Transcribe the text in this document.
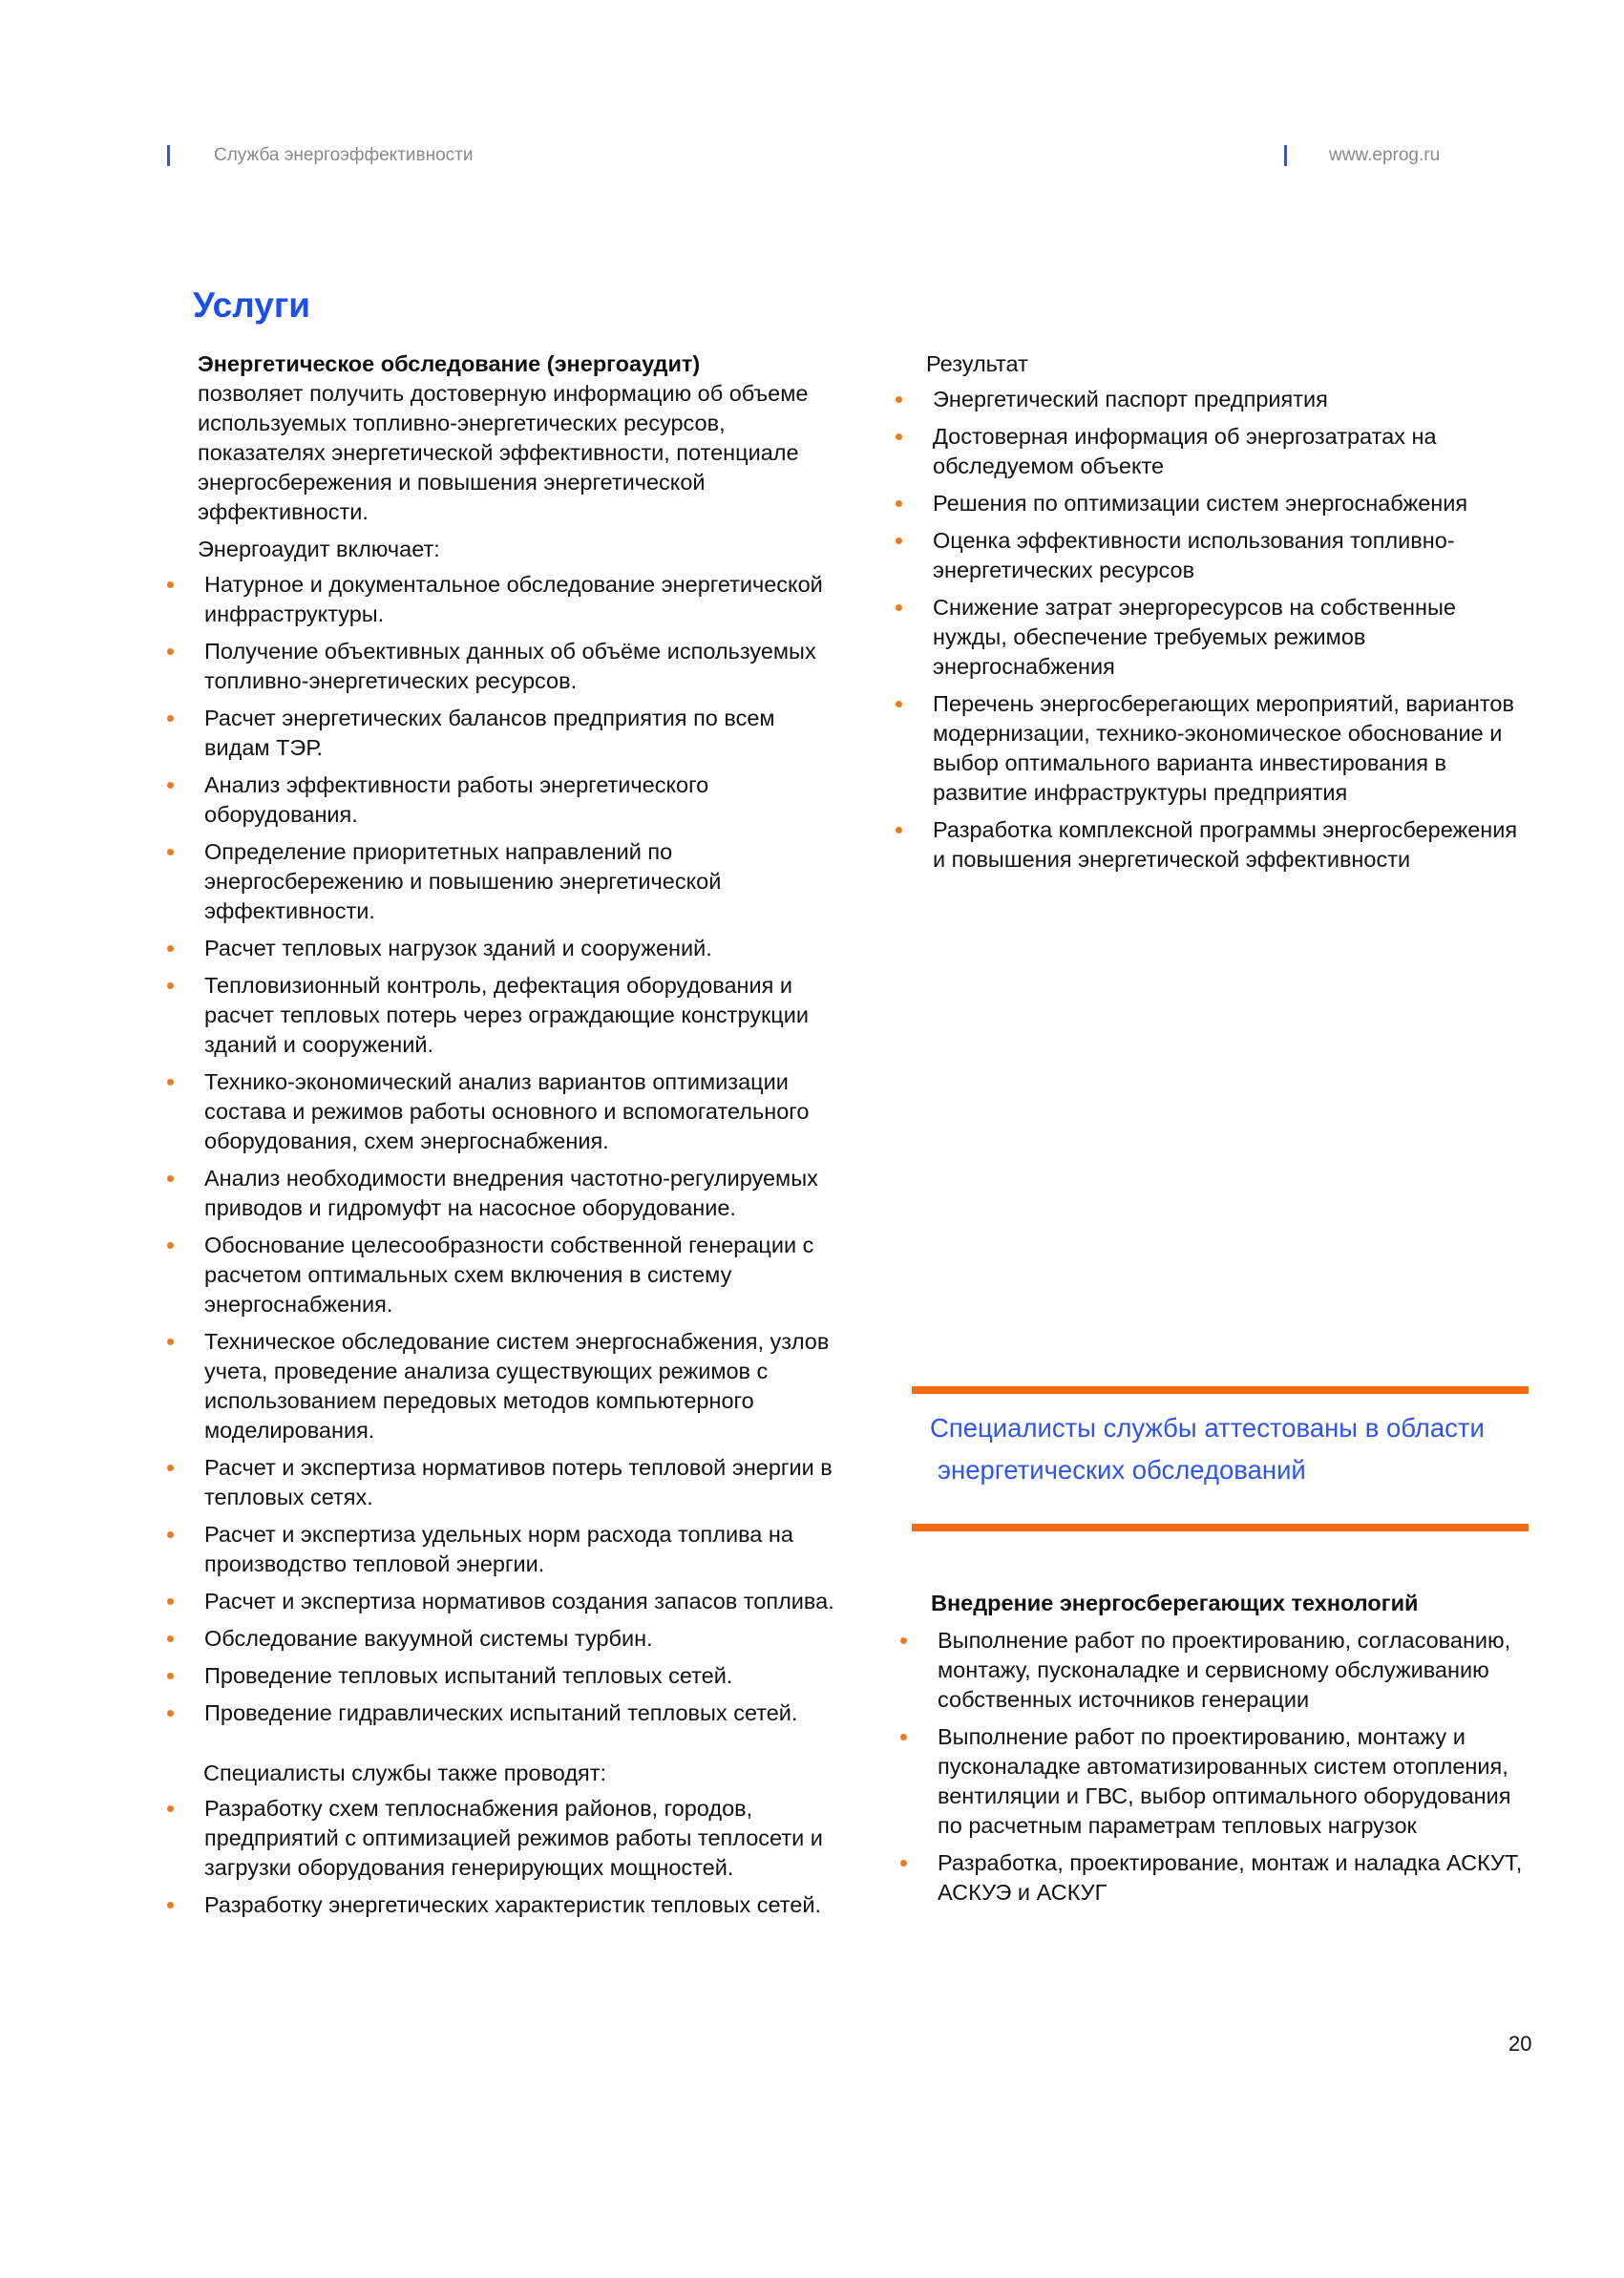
Служба энергоэффективности	www.eprog.ru
Услуги

Энергетическое обследование (энергоаудит)
позволяет получить достоверную информацию об объеме используемых топливно-энергетических ресурсов, показателях энергетической эффективности, потенциале энергосбережения и повышения энергетической эффективности.

Энергоаудит включает:

Натурное и документальное обследование энергетической инфраструктуры.
Получение объективных данных об объёме используемых топливно-энергетических ресурсов.
Расчет энергетических балансов предприятия по всем видам ТЭР.
Анализ эффективности работы энергетического оборудования.
Определение приоритетных направлений по энергосбережению и повышению энергетической эффективности.
Расчет тепловых нагрузок зданий и сооружений.
Тепловизионный контроль, дефектация оборудования и расчет тепловых потерь через ограждающие конструкции зданий и сооружений.
Технико-экономический анализ вариантов оптимизации состава и режимов работы основного и вспомогательного оборудования, схем энергоснабжения.
Анализ необходимости внедрения частотно-регулируемых приводов и гидромуфт на насосное оборудование.
Обоснование целесообразности собственной генерации с расчетом оптимальных схем включения в систему энергоснабжения.
Техническое обследование систем энергоснабжения, узлов учета, проведение анализа существующих режимов с использованием передовых методов компьютерного моделирования.
Расчет и экспертиза нормативов потерь тепловой энергии в тепловых сетях.
Расчет и экспертиза удельных норм расхода топлива на производство тепловой энергии.
Расчет и экспертиза нормативов создания запасов топлива.
Обследование вакуумной системы турбин.
Проведение тепловых испытаний тепловых сетей.
Проведение гидравлических испытаний тепловых сетей.

Специалисты службы также проводят:

Разработку схем теплоснабжения районов, городов, предприятий с оптимизацией режимов работы теплосети и загрузки оборудования генерирующих мощностей.
Разработку энергетических характеристик тепловых сетей.

Результат

Энергетический паспорт предприятия
Достоверная информация об энергозатратах на обследуемом объекте
Решения по оптимизации систем энергоснабжения
Оценка эффективности использования топливно-энергетических ресурсов
Снижение затрат энергоресурсов на собственные нужды, обеспечение требуемых режимов энергоснабжения
Перечень энергосберегающих мероприятий, вариантов модернизации, технико-экономическое обоснование и выбор оптимального варианта инвестирования в развитие инфраструктуры предприятия
Разработка комплексной программы энергосбережения и повышения энергетической эффективности

Специалисты службы аттестованы в области

энергетических обследований

Внедрение энергосберегающих технологий

Выполнение работ по проектированию, согласованию, монтажу, пусконаладке и сервисному обслуживанию собственных источников генерации
Выполнение работ по проектированию, монтажу и пусконаладке автоматизированных систем отопления, вентиляции и ГВС, выбор оптимального оборудования по расчетным параметрам тепловых нагрузок
Разработка, проектирование, монтаж и наладка АСКУТ, АСКУЭ и АСКУГ
20
